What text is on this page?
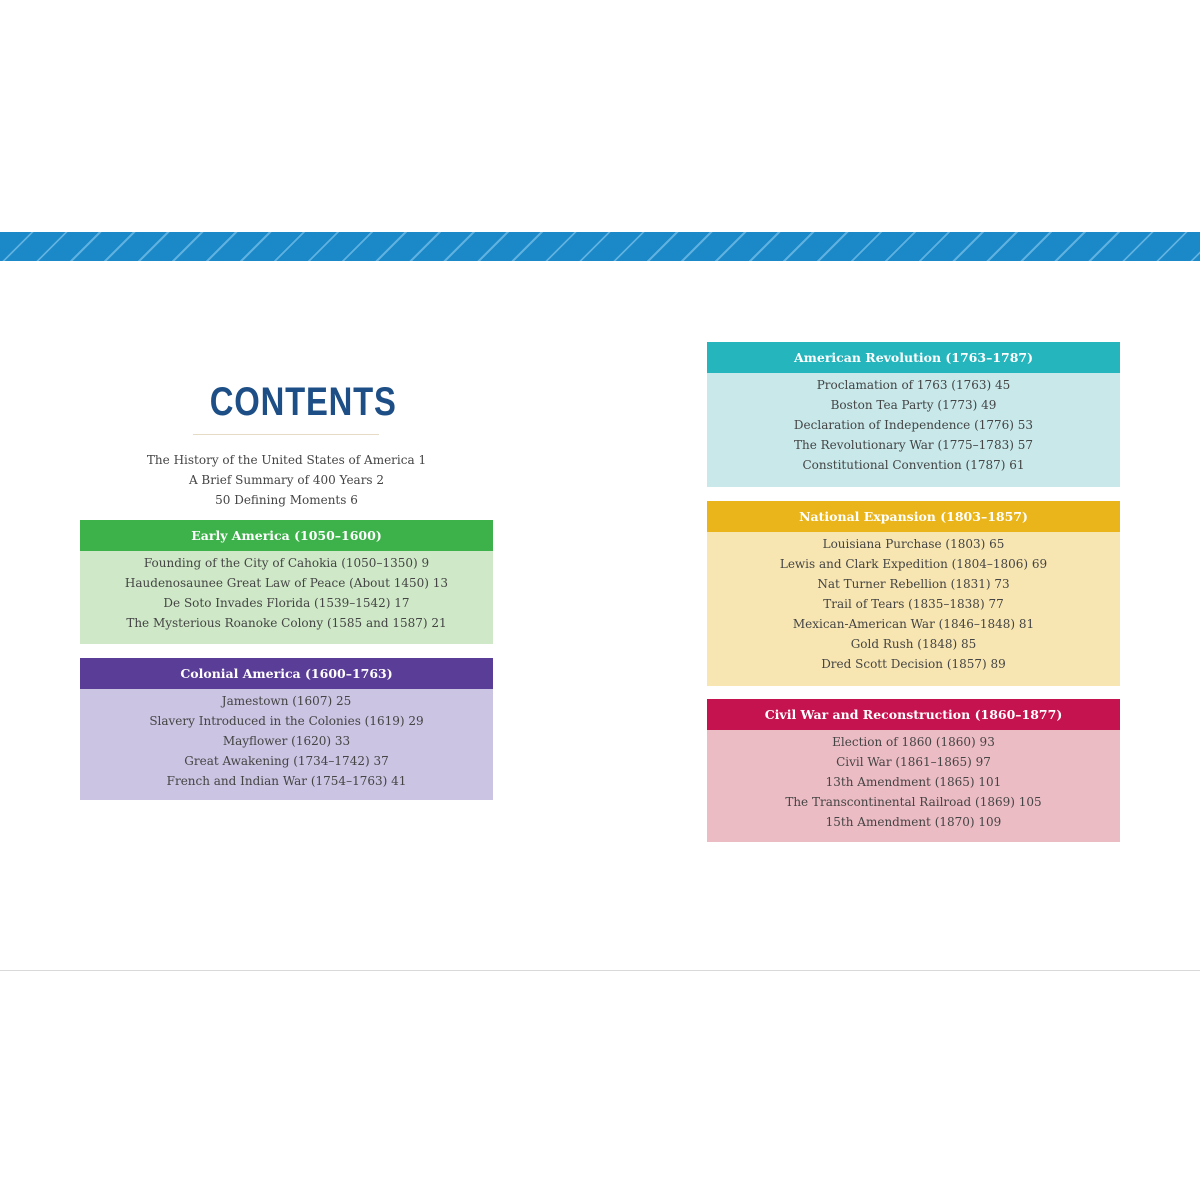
CONTENTS
The History of the United States of America 1
A Brief Summary of 400 Years 2
50 Defining Moments 6
Early America (1050–1600)
Founding of the City of Cahokia (1050–1350) 9
Haudenosaunee Great Law of Peace (About 1450) 13
De Soto Invades Florida (1539–1542) 17
The Mysterious Roanoke Colony (1585 and 1587) 21
Colonial America (1600–1763)
Jamestown (1607) 25
Slavery Introduced in the Colonies (1619) 29
Mayflower (1620) 33
Great Awakening (1734–1742) 37
French and Indian War (1754–1763) 41
American Revolution (1763–1787)
Proclamation of 1763 (1763) 45
Boston Tea Party (1773) 49
Declaration of Independence (1776) 53
The Revolutionary War (1775–1783) 57
Constitutional Convention (1787) 61
National Expansion (1803–1857)
Louisiana Purchase (1803) 65
Lewis and Clark Expedition (1804–1806) 69
Nat Turner Rebellion (1831) 73
Trail of Tears (1835–1838) 77
Mexican-American War (1846–1848) 81
Gold Rush (1848) 85
Dred Scott Decision (1857) 89
Civil War and Reconstruction (1860–1877)
Election of 1860 (1860) 93
Civil War (1861–1865) 97
13th Amendment (1865) 101
The Transcontinental Railroad (1869) 105
15th Amendment (1870) 109
